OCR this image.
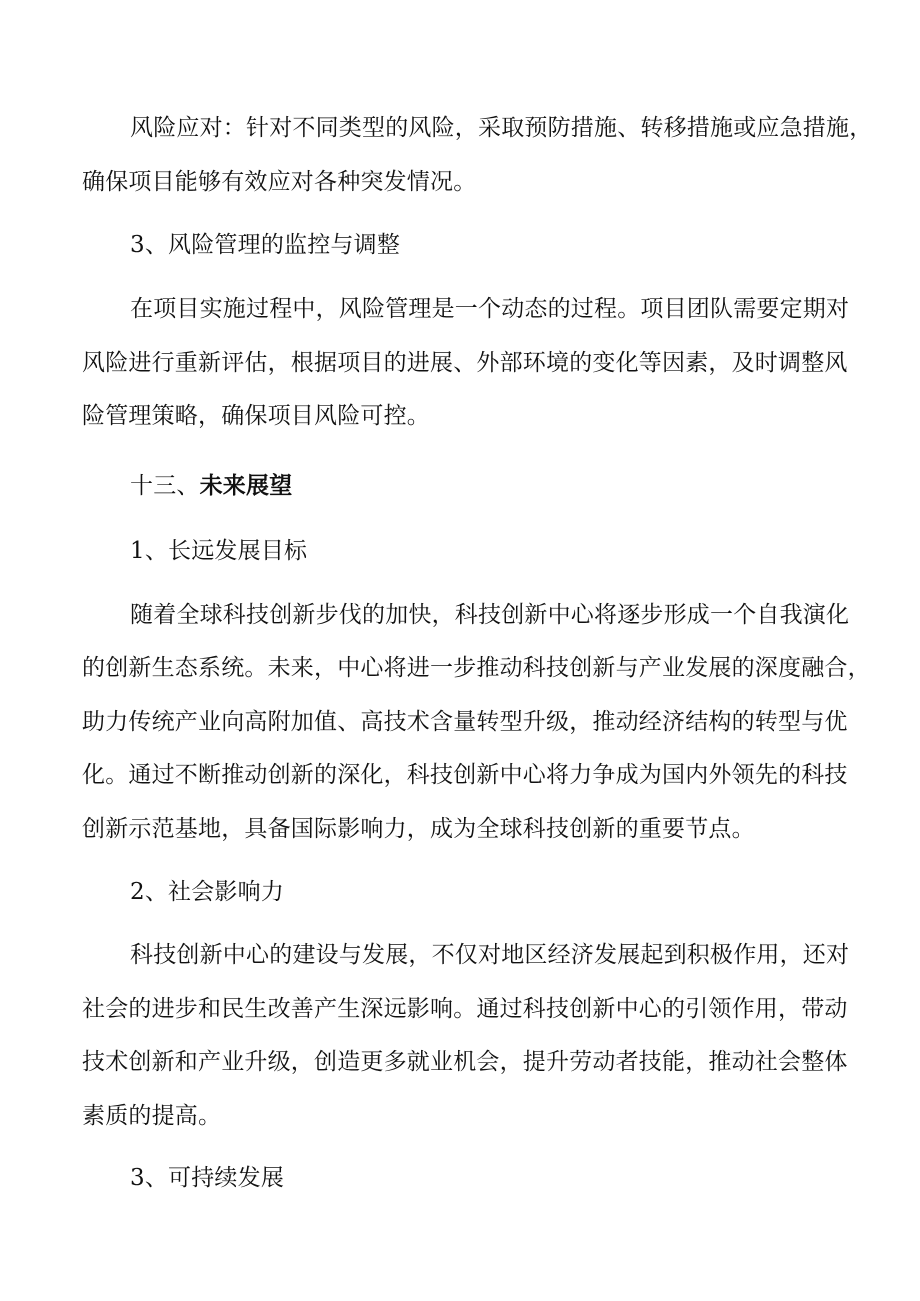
风险应对：针对不同类型的风险，采取预防措施、转移措施或应急措施，
确保项目能够有效应对各种突发情况。
3、风险管理的监控与调整
在项目实施过程中，风险管理是一个动态的过程。项目团队需要定期对
风险进行重新评估，根据项目的进展、外部环境的变化等因素，及时调整风
险管理策略，确保项目风险可控。
十三、未来展望
1、长远发展目标
随着全球科技创新步伐的加快，科技创新中心将逐步形成一个自我演化
的创新生态系统。未来，中心将进一步推动科技创新与产业发展的深度融合，
助力传统产业向高附加值、高技术含量转型升级，推动经济结构的转型与优
化。通过不断推动创新的深化，科技创新中心将力争成为国内外领先的科技
创新示范基地，具备国际影响力，成为全球科技创新的重要节点。
2、社会影响力
科技创新中心的建设与发展，不仅对地区经济发展起到积极作用，还对
社会的进步和民生改善产生深远影响。通过科技创新中心的引领作用，带动
技术创新和产业升级，创造更多就业机会，提升劳动者技能，推动社会整体
素质的提高。
3、可持续发展
